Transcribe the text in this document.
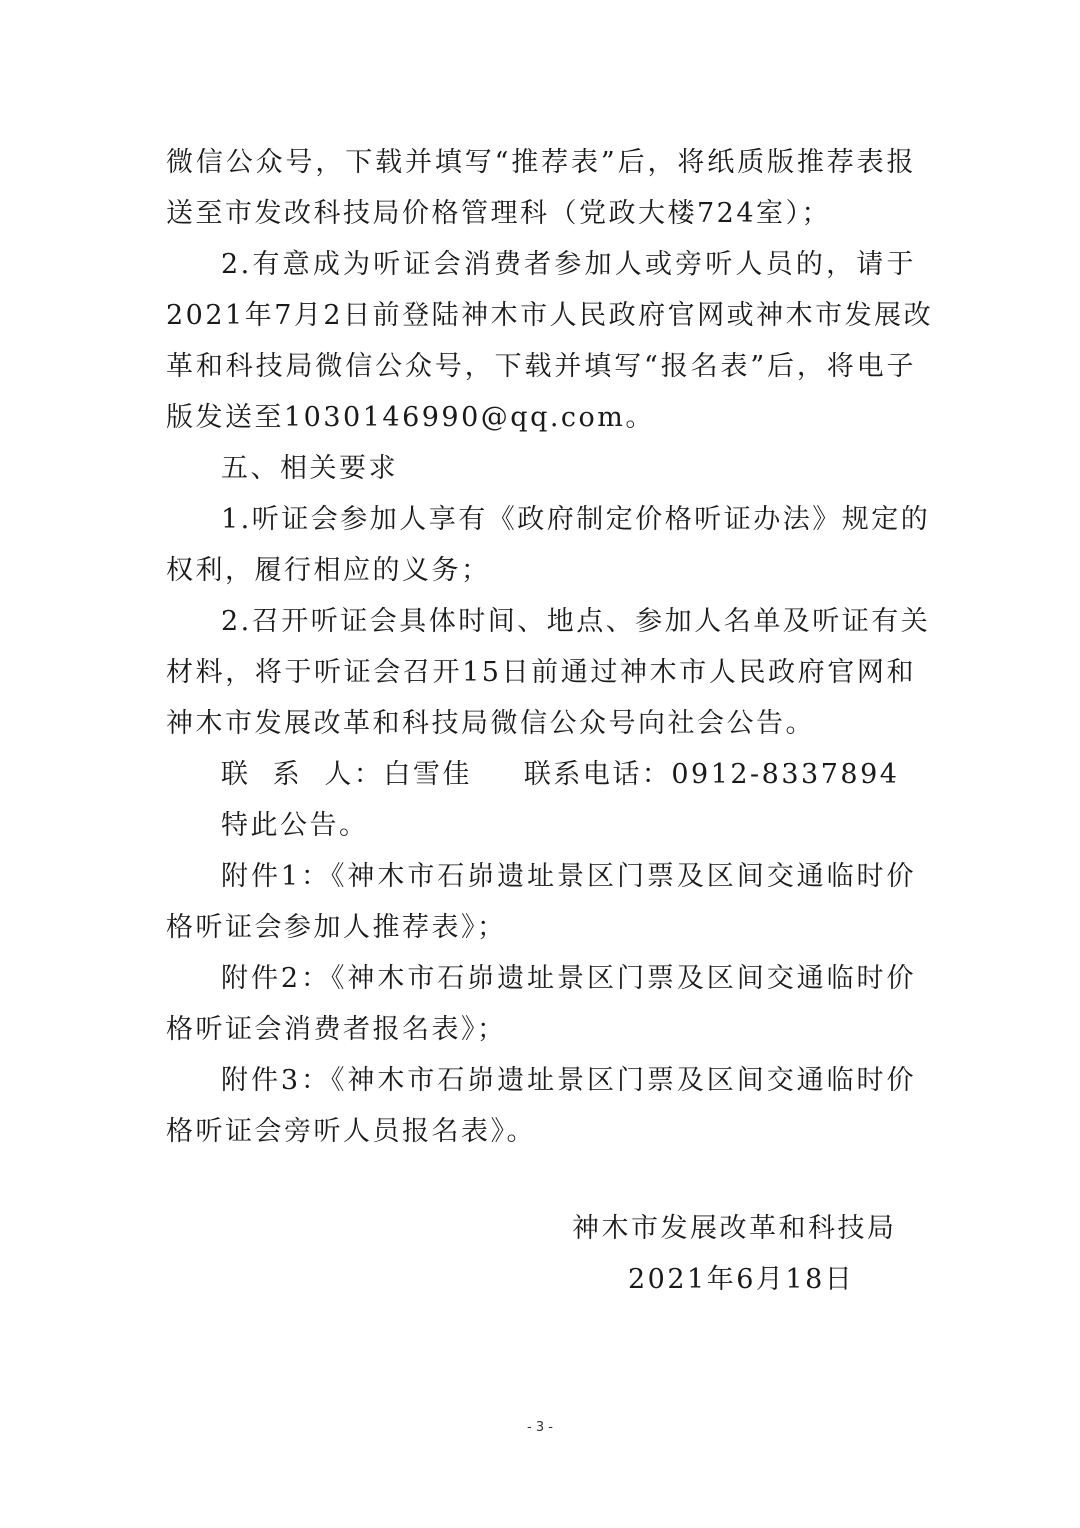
微信公众号，下载并填写“推荐表”后，将纸质版推荐表报
送至市发改科技局价格管理科（党政大楼724室）；
2.有意成为听证会消费者参加人或旁听人员的，请于
2021年7月2日前登陆神木市人民政府官网或神木市发展改
革和科技局微信公众号，下载并填写“报名表”后，将电子
版发送至1030146990@qq.com。
五、相关要求
1.听证会参加人享有《政府制定价格听证办法》规定的
权利，履行相应的义务；
2.召开听证会具体时间、地点、参加人名单及听证有关
材料，将于听证会召开15日前通过神木市人民政府官网和
神木市发展改革和科技局微信公众号向社会公告。
联  系  人：白雪佳 联系电话：0912-8337894
特此公告。
附件1：《神木市石峁遗址景区门票及区间交通临时价
格听证会参加人推荐表》；
附件2：《神木市石峁遗址景区门票及区间交通临时价
格听证会消费者报名表》；
附件3：《神木市石峁遗址景区门票及区间交通临时价
格听证会旁听人员报名表》。
神木市发展改革和科技局
2021年6月18日
- 3 -
